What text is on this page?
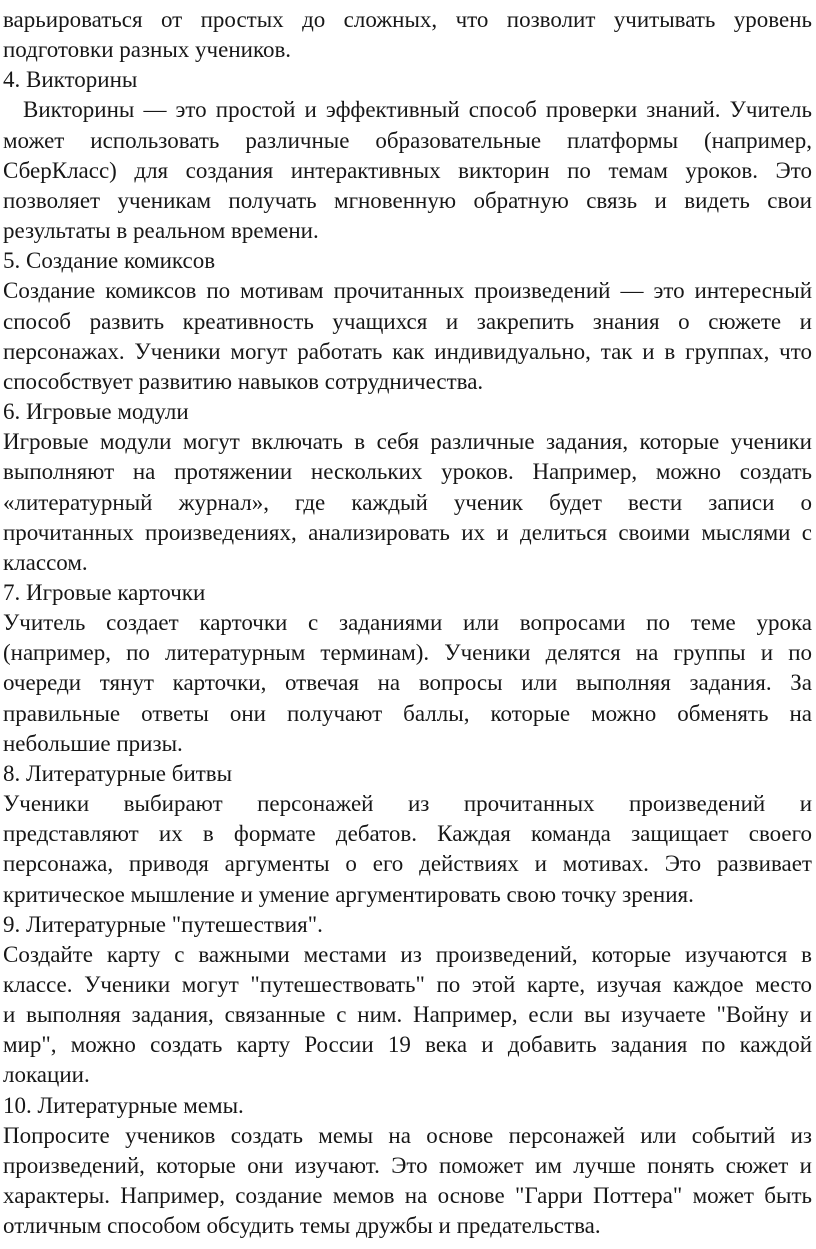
варьироваться от простых до сложных, что позволит учитывать уровень
подготовки разных учеников.
4. Викторины
Викторины — это простой и эффективный способ проверки знаний. Учитель
может использовать различные образовательные платформы (например,
СберКласс) для создания интерактивных викторин по темам уроков. Это
позволяет ученикам получать мгновенную обратную связь и видеть свои
результаты в реальном времени.
5. Создание комиксов
Создание комиксов по мотивам прочитанных произведений — это интересный
способ развить креативность учащихся и закрепить знания о сюжете и
персонажах. Ученики могут работать как индивидуально, так и в группах, что
способствует развитию навыков сотрудничества.
6. Игровые модули
Игровые модули могут включать в себя различные задания, которые ученики
выполняют на протяжении нескольких уроков. Например, можно создать
«литературный журнал», где каждый ученик будет вести записи о
прочитанных произведениях, анализировать их и делиться своими мыслями с
классом.
7. Игровые карточки
Учитель создает карточки с заданиями или вопросами по теме урока
(например, по литературным терминам). Ученики делятся на группы и по
очереди тянут карточки, отвечая на вопросы или выполняя задания. За
правильные ответы они получают баллы, которые можно обменять на
небольшие призы.
8. Литературные битвы
Ученики выбирают персонажей из прочитанных произведений и
представляют их в формате дебатов. Каждая команда защищает своего
персонажа, приводя аргументы о его действиях и мотивах. Это развивает
критическое мышление и умение аргументировать свою точку зрения.
9. Литературные "путешествия".
Создайте карту с важными местами из произведений, которые изучаются в
классе. Ученики могут "путешествовать" по этой карте, изучая каждое место
и выполняя задания, связанные с ним. Например, если вы изучаете "Войну и
мир", можно создать карту России 19 века и добавить задания по каждой
локации.
10. Литературные мемы.
Попросите учеников создать мемы на основе персонажей или событий из
произведений, которые они изучают. Это поможет им лучше понять сюжет и
характеры. Например, создание мемов на основе "Гарри Поттера" может быть
отличным способом обсудить темы дружбы и предательства.
